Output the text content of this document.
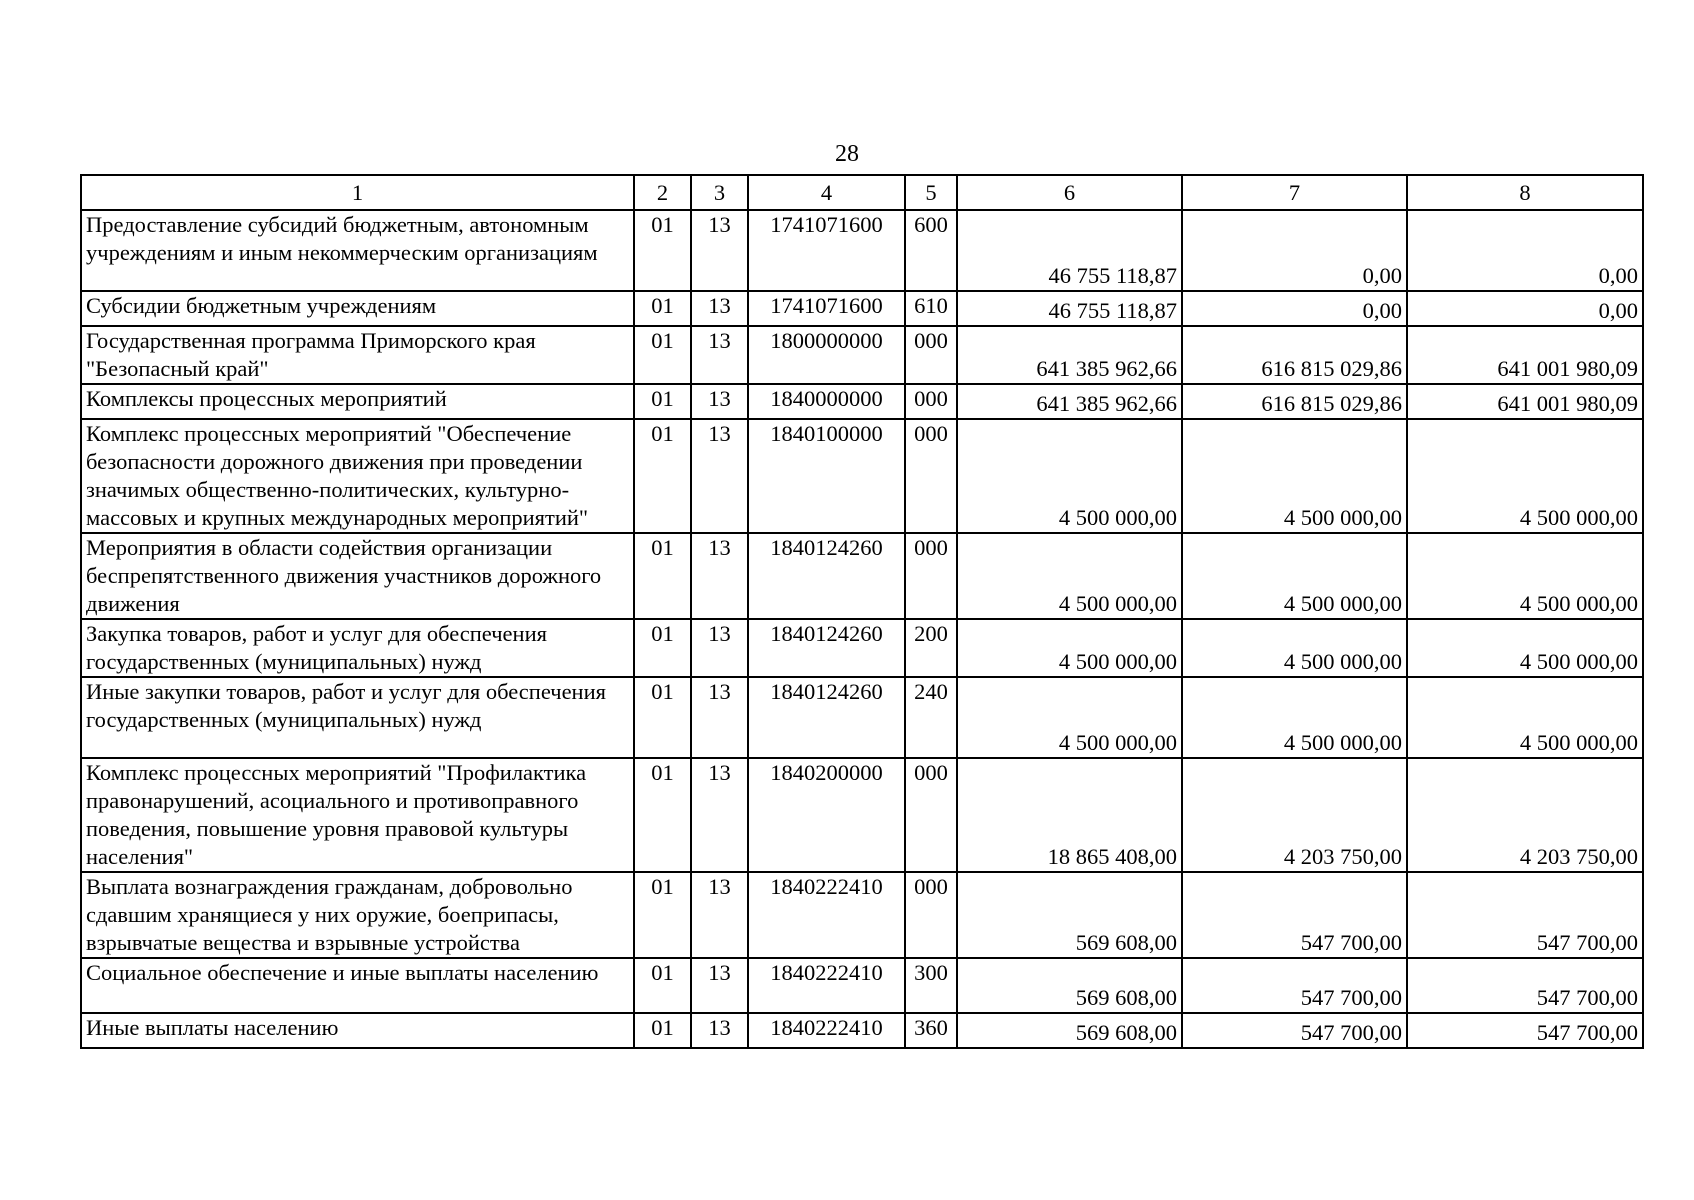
28
1	2	3	4	5	6	7	8
Предоставление субсидий бюджетным, автономным учреждениям и иным некоммерческим организациям	01	13	1741071600	600	46 755 118,87	0,00	0,00
Субсидии бюджетным учреждениям	01	13	1741071600	610	46 755 118,87	0,00	0,00
Государственная программа Приморского края "Безопасный край"	01	13	1800000000	000	641 385 962,66	616 815 029,86	641 001 980,09
Комплексы процессных мероприятий	01	13	1840000000	000	641 385 962,66	616 815 029,86	641 001 980,09
Комплекс процессных мероприятий "Обеспечение безопасности дорожного движения при проведении значимых общественно-политических, культурно-массовых и крупных международных мероприятий"	01	13	1840100000	000	4 500 000,00	4 500 000,00	4 500 000,00
Мероприятия в области содействия организации беспрепятственного движения участников дорожного движения	01	13	1840124260	000	4 500 000,00	4 500 000,00	4 500 000,00
Закупка товаров, работ и услуг для обеспечения государственных (муниципальных) нужд	01	13	1840124260	200	4 500 000,00	4 500 000,00	4 500 000,00
Иные закупки товаров, работ и услуг для обеспечения государственных (муниципальных) нужд	01	13	1840124260	240	4 500 000,00	4 500 000,00	4 500 000,00
Комплекс процессных мероприятий "Профилактика правонарушений, асоциального и противоправного поведения, повышение уровня правовой культуры населения"	01	13	1840200000	000	18 865 408,00	4 203 750,00	4 203 750,00
Выплата вознаграждения гражданам, добровольно сдавшим хранящиеся у них оружие, боеприпасы, взрывчатые вещества и взрывные устройства	01	13	1840222410	000	569 608,00	547 700,00	547 700,00
Социальное обеспечение и иные выплаты населению	01	13	1840222410	300	569 608,00	547 700,00	547 700,00
Иные выплаты населению	01	13	1840222410	360	569 608,00	547 700,00	547 700,00
